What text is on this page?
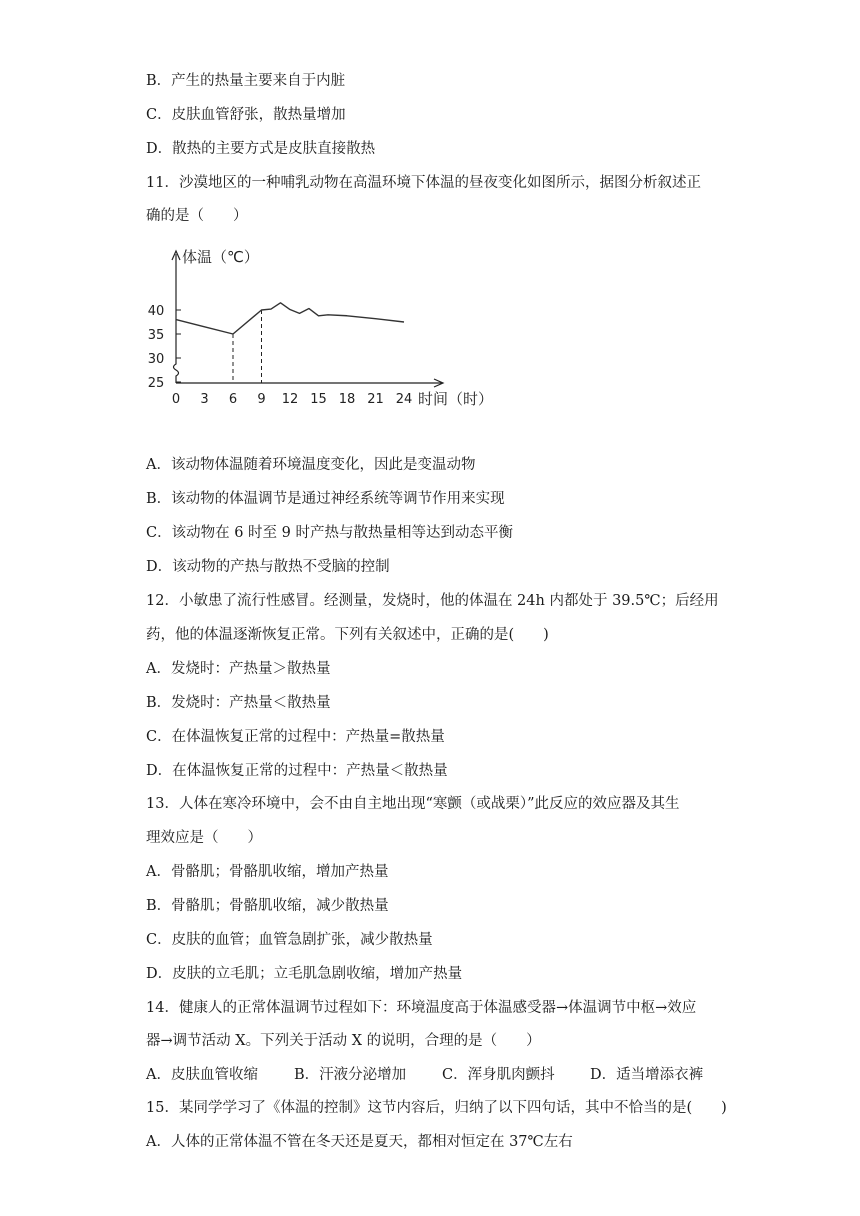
B．产生的热量主要来自于内脏
C．皮肤血管舒张，散热量增加
D．散热的主要方式是皮肤直接散热
11．沙漠地区的一种哺乳动物在高温环境下体温的昼夜变化如图所示，据图分析叙述正
确的是（　　）
0 3 6 9 12 15 18 21 24
25
30
35
40
体温（℃）
时间（时）
A．该动物体温随着环境温度变化，因此是变温动物
B．该动物的体温调节是通过神经系统等调节作用来实现
C．该动物在 6 时至 9 时产热与散热量相等达到动态平衡
D．该动物的产热与散热不受脑的控制
12．小敏患了流行性感冒。经测量，发烧时，他的体温在 24h 内都处于 39.5℃；后经用
药，他的体温逐渐恢复正常。下列有关叙述中，正确的是(　　)
A．发烧时：产热量＞散热量
B．发烧时：产热量＜散热量
C．在体温恢复正常的过程中：产热量=散热量
D．在体温恢复正常的过程中：产热量＜散热量
13．人体在寒冷环境中，会不由自主地出现“寒颤（或战栗）”此反应的效应器及其生
理效应是（　　）
A．骨骼肌；骨骼肌收缩，增加产热量
B．骨骼肌；骨骼肌收缩，减少散热量
C．皮肤的血管；血管急剧扩张，减少散热量
D．皮肤的立毛肌；立毛肌急剧收缩，增加产热量
14．健康人的正常体温调节过程如下：环境温度高于体温感受器→体温调节中枢→效应
器→调节活动 X。下列关于活动 X 的说明，合理的是（　　）
A．皮肤血管收缩 B．汗液分泌增加 C．浑身肌肉颤抖 D．适当增添衣裤
15．某同学学习了《体温的控制》这节内容后，归纳了以下四句话，其中不恰当的是(　　)
A．人体的正常体温不管在冬天还是夏天，都相对恒定在 37℃左右
